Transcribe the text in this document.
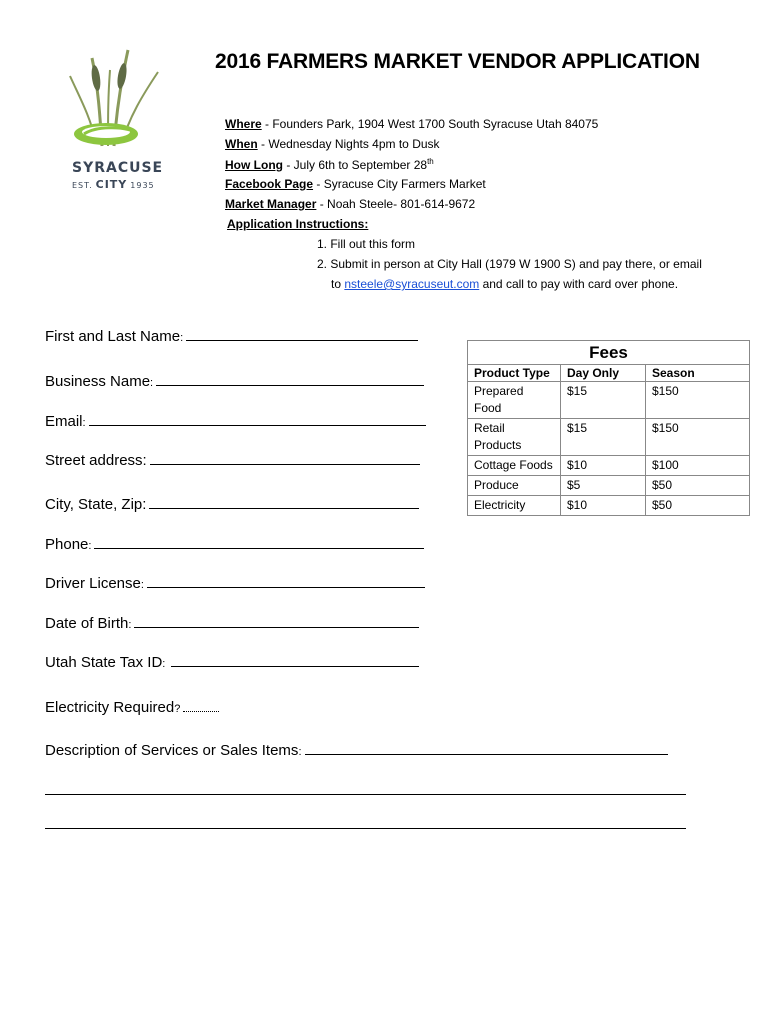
SYRACUSE
EST. CITY 1935
2016 FARMERS MARKET VENDOR APPLICATION
Where - Founders Park, 1904 West 1700 South Syracuse Utah 84075
When - Wednesday Nights 4pm to Dusk
How Long - July 6th to September 28th
Facebook Page - Syracuse City Farmers Market
Market Manager - Noah Steele- 801-614-9672
Application Instructions:
1. Fill out this form
2. Submit in person at City Hall (1979 W 1900 S) and pay there, or email
to nsteele@syracuseut.com and call to pay with card over phone.
First and Last Name:
Business Name:
Email:
Street address:
City, State, Zip:
Phone:
Driver License:
Date of Birth:
Utah State Tax ID:
Electricity Required?
Description of Services or Sales Items:
Fees		
Product Type	Day Only	Season
Prepared Food	$15	$150
Retail Products	$15	$150
Cottage Foods	$10	$100
Produce	$5	$50
Electricity	$10	$50
